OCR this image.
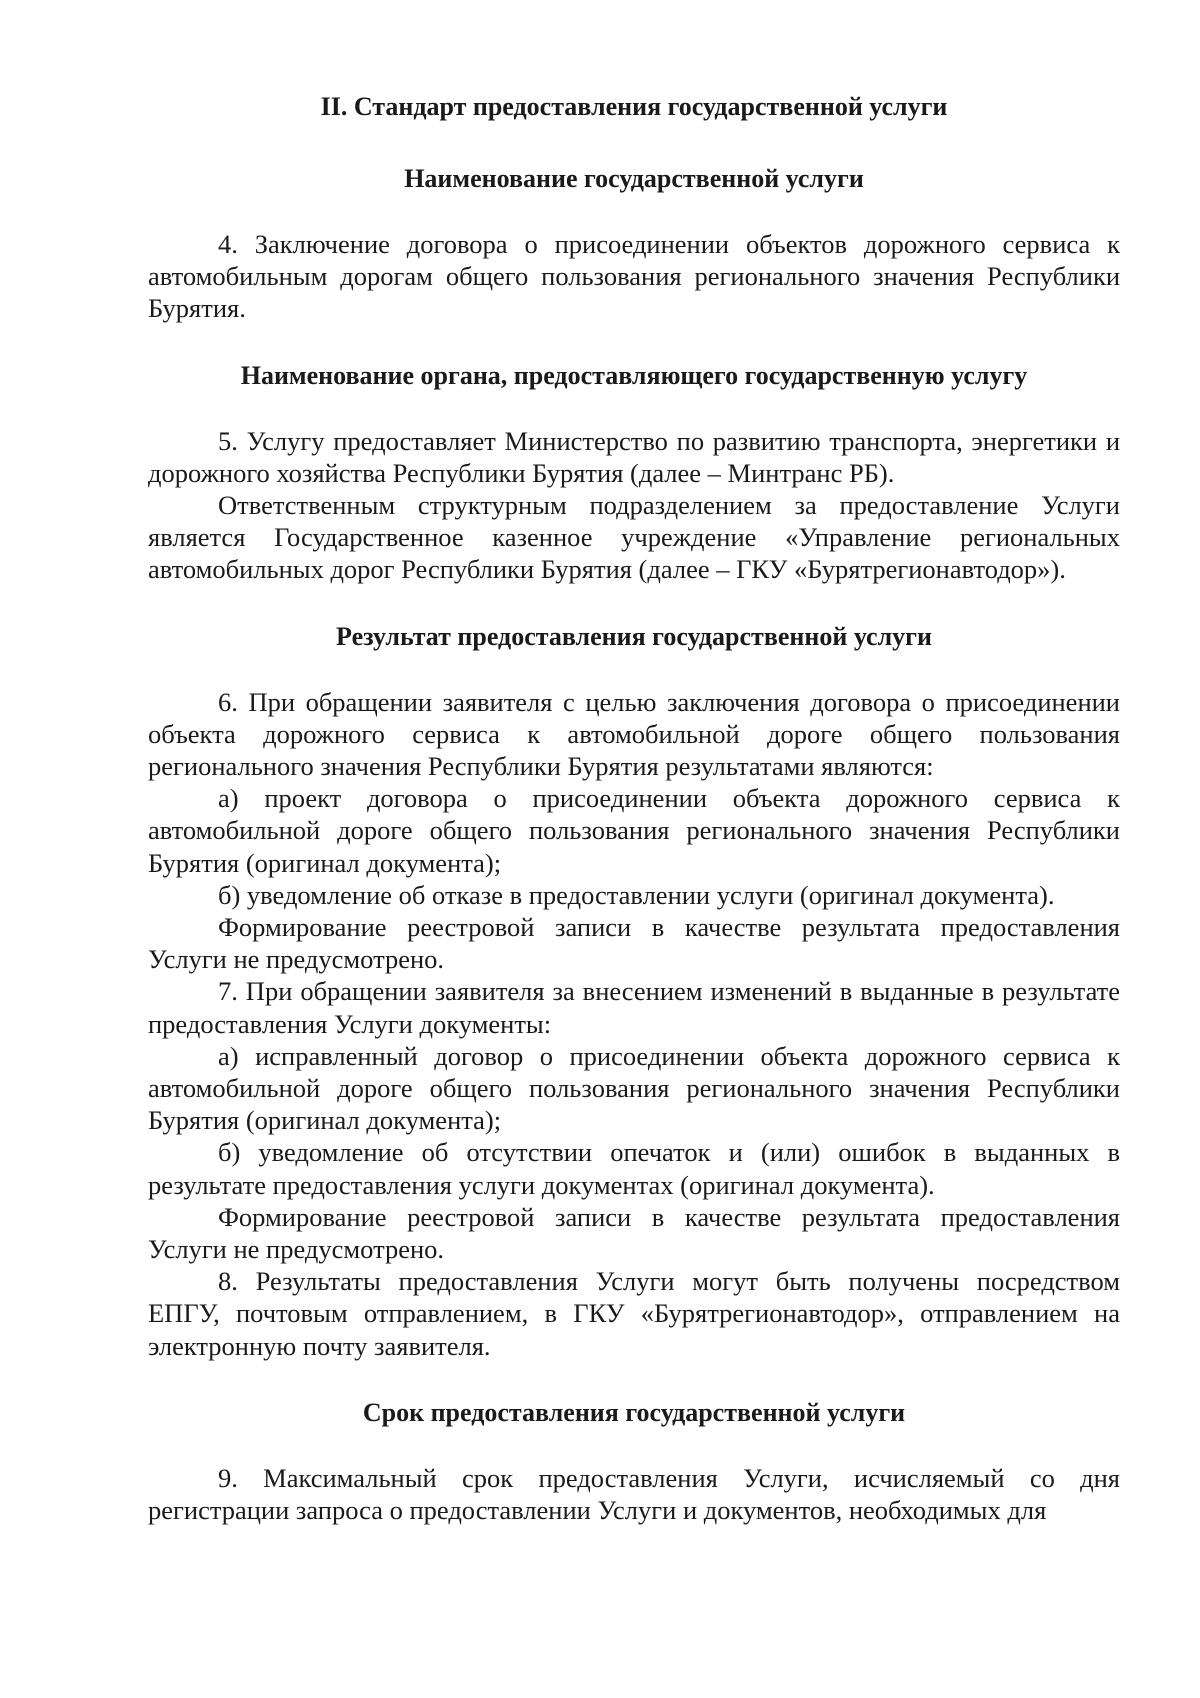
II. Стандарт предоставления государственной услуги
Наименование государственной услуги

4. Заключение договора о присоединении объектов дорожного сервиса к автомобильным дорогам общего пользования регионального значения Республики Бурятия.

Наименование органа, предоставляющего государственную услугу

5. Услугу предоставляет Министерство по развитию транспорта, энергетики и дорожного хозяйства Республики Бурятия (далее – Минтранс РБ).

Ответственным структурным подразделением за предоставление Услуги является Государственное казенное учреждение «Управление региональных автомобильных дорог Республики Бурятия (далее – ГКУ «Бурятрегионавтодор»).

Результат предоставления государственной услуги

6. При обращении заявителя с целью заключения договора о присоединении объекта дорожного сервиса к автомобильной дороге общего пользования регионального значения Республики Бурятия результатами являются:

а) проект договора о присоединении объекта дорожного сервиса к автомобильной дороге общего пользования регионального значения Республики Бурятия (оригинал документа);

б) уведомление об отказе в предоставлении услуги (оригинал документа).

Формирование реестровой записи в качестве результата предоставления Услуги не предусмотрено.

7. При обращении заявителя за внесением изменений в выданные в результате предоставления Услуги документы:

а) исправленный договор о присоединении объекта дорожного сервиса к автомобильной дороге общего пользования регионального значения Республики Бурятия (оригинал документа);

б) уведомление об отсутствии опечаток и (или) ошибок в выданных в результате предоставления услуги документах (оригинал документа).

Формирование реестровой записи в качестве результата предоставления Услуги не предусмотрено.

8. Результаты предоставления Услуги могут быть получены посредством ЕПГУ, почтовым отправлением, в ГКУ «Бурятрегионавтодор», отправлением на электронную почту заявителя.

Срок предоставления государственной услуги

9. Максимальный срок предоставления Услуги, исчисляемый со дня регистрации запроса о предоставлении Услуги и документов, необходимых для
